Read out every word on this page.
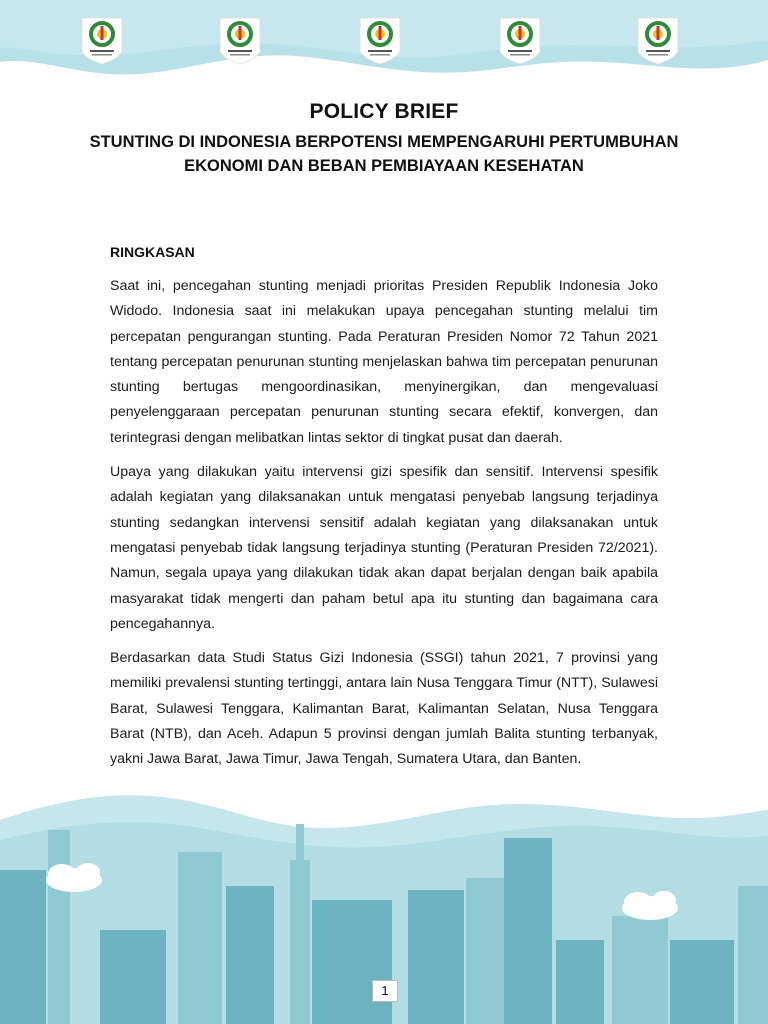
POLICY BRIEF
STUNTING DI INDONESIA BERPOTENSI MEMPENGARUHI PERTUMBUHAN EKONOMI DAN BEBAN PEMBIAYAAN KESEHATAN
RINGKASAN

Saat ini, pencegahan stunting menjadi prioritas Presiden Republik Indonesia Joko Widodo. Indonesia saat ini melakukan upaya pencegahan stunting melalui tim percepatan pengurangan stunting. Pada Peraturan Presiden Nomor 72 Tahun 2021 tentang percepatan penurunan stunting menjelaskan bahwa tim percepatan penurunan stunting bertugas mengoordinasikan, menyinergikan, dan mengevaluasi penyelenggaraan percepatan penurunan stunting secara efektif, konvergen, dan terintegrasi dengan melibatkan lintas sektor di tingkat pusat dan daerah.

Upaya yang dilakukan yaitu intervensi gizi spesifik dan sensitif. Intervensi spesifik adalah kegiatan yang dilaksanakan untuk mengatasi penyebab langsung terjadinya stunting sedangkan intervensi sensitif adalah kegiatan yang dilaksanakan untuk mengatasi penyebab tidak langsung terjadinya stunting (Peraturan Presiden 72/2021). Namun, segala upaya yang dilakukan tidak akan dapat berjalan dengan baik apabila masyarakat tidak mengerti dan paham betul apa itu stunting dan bagaimana cara pencegahannya.

Berdasarkan data Studi Status Gizi Indonesia (SSGI) tahun 2021, 7 provinsi yang memiliki prevalensi stunting tertinggi, antara lain Nusa Tenggara Timur (NTT), Sulawesi Barat, Sulawesi Tenggara, Kalimantan Barat, Kalimantan Selatan, Nusa Tenggara Barat (NTB), dan Aceh. Adapun 5 provinsi dengan jumlah Balita stunting terbanyak, yakni Jawa Barat, Jawa Timur, Jawa Tengah, Sumatera Utara, dan Banten.

1
